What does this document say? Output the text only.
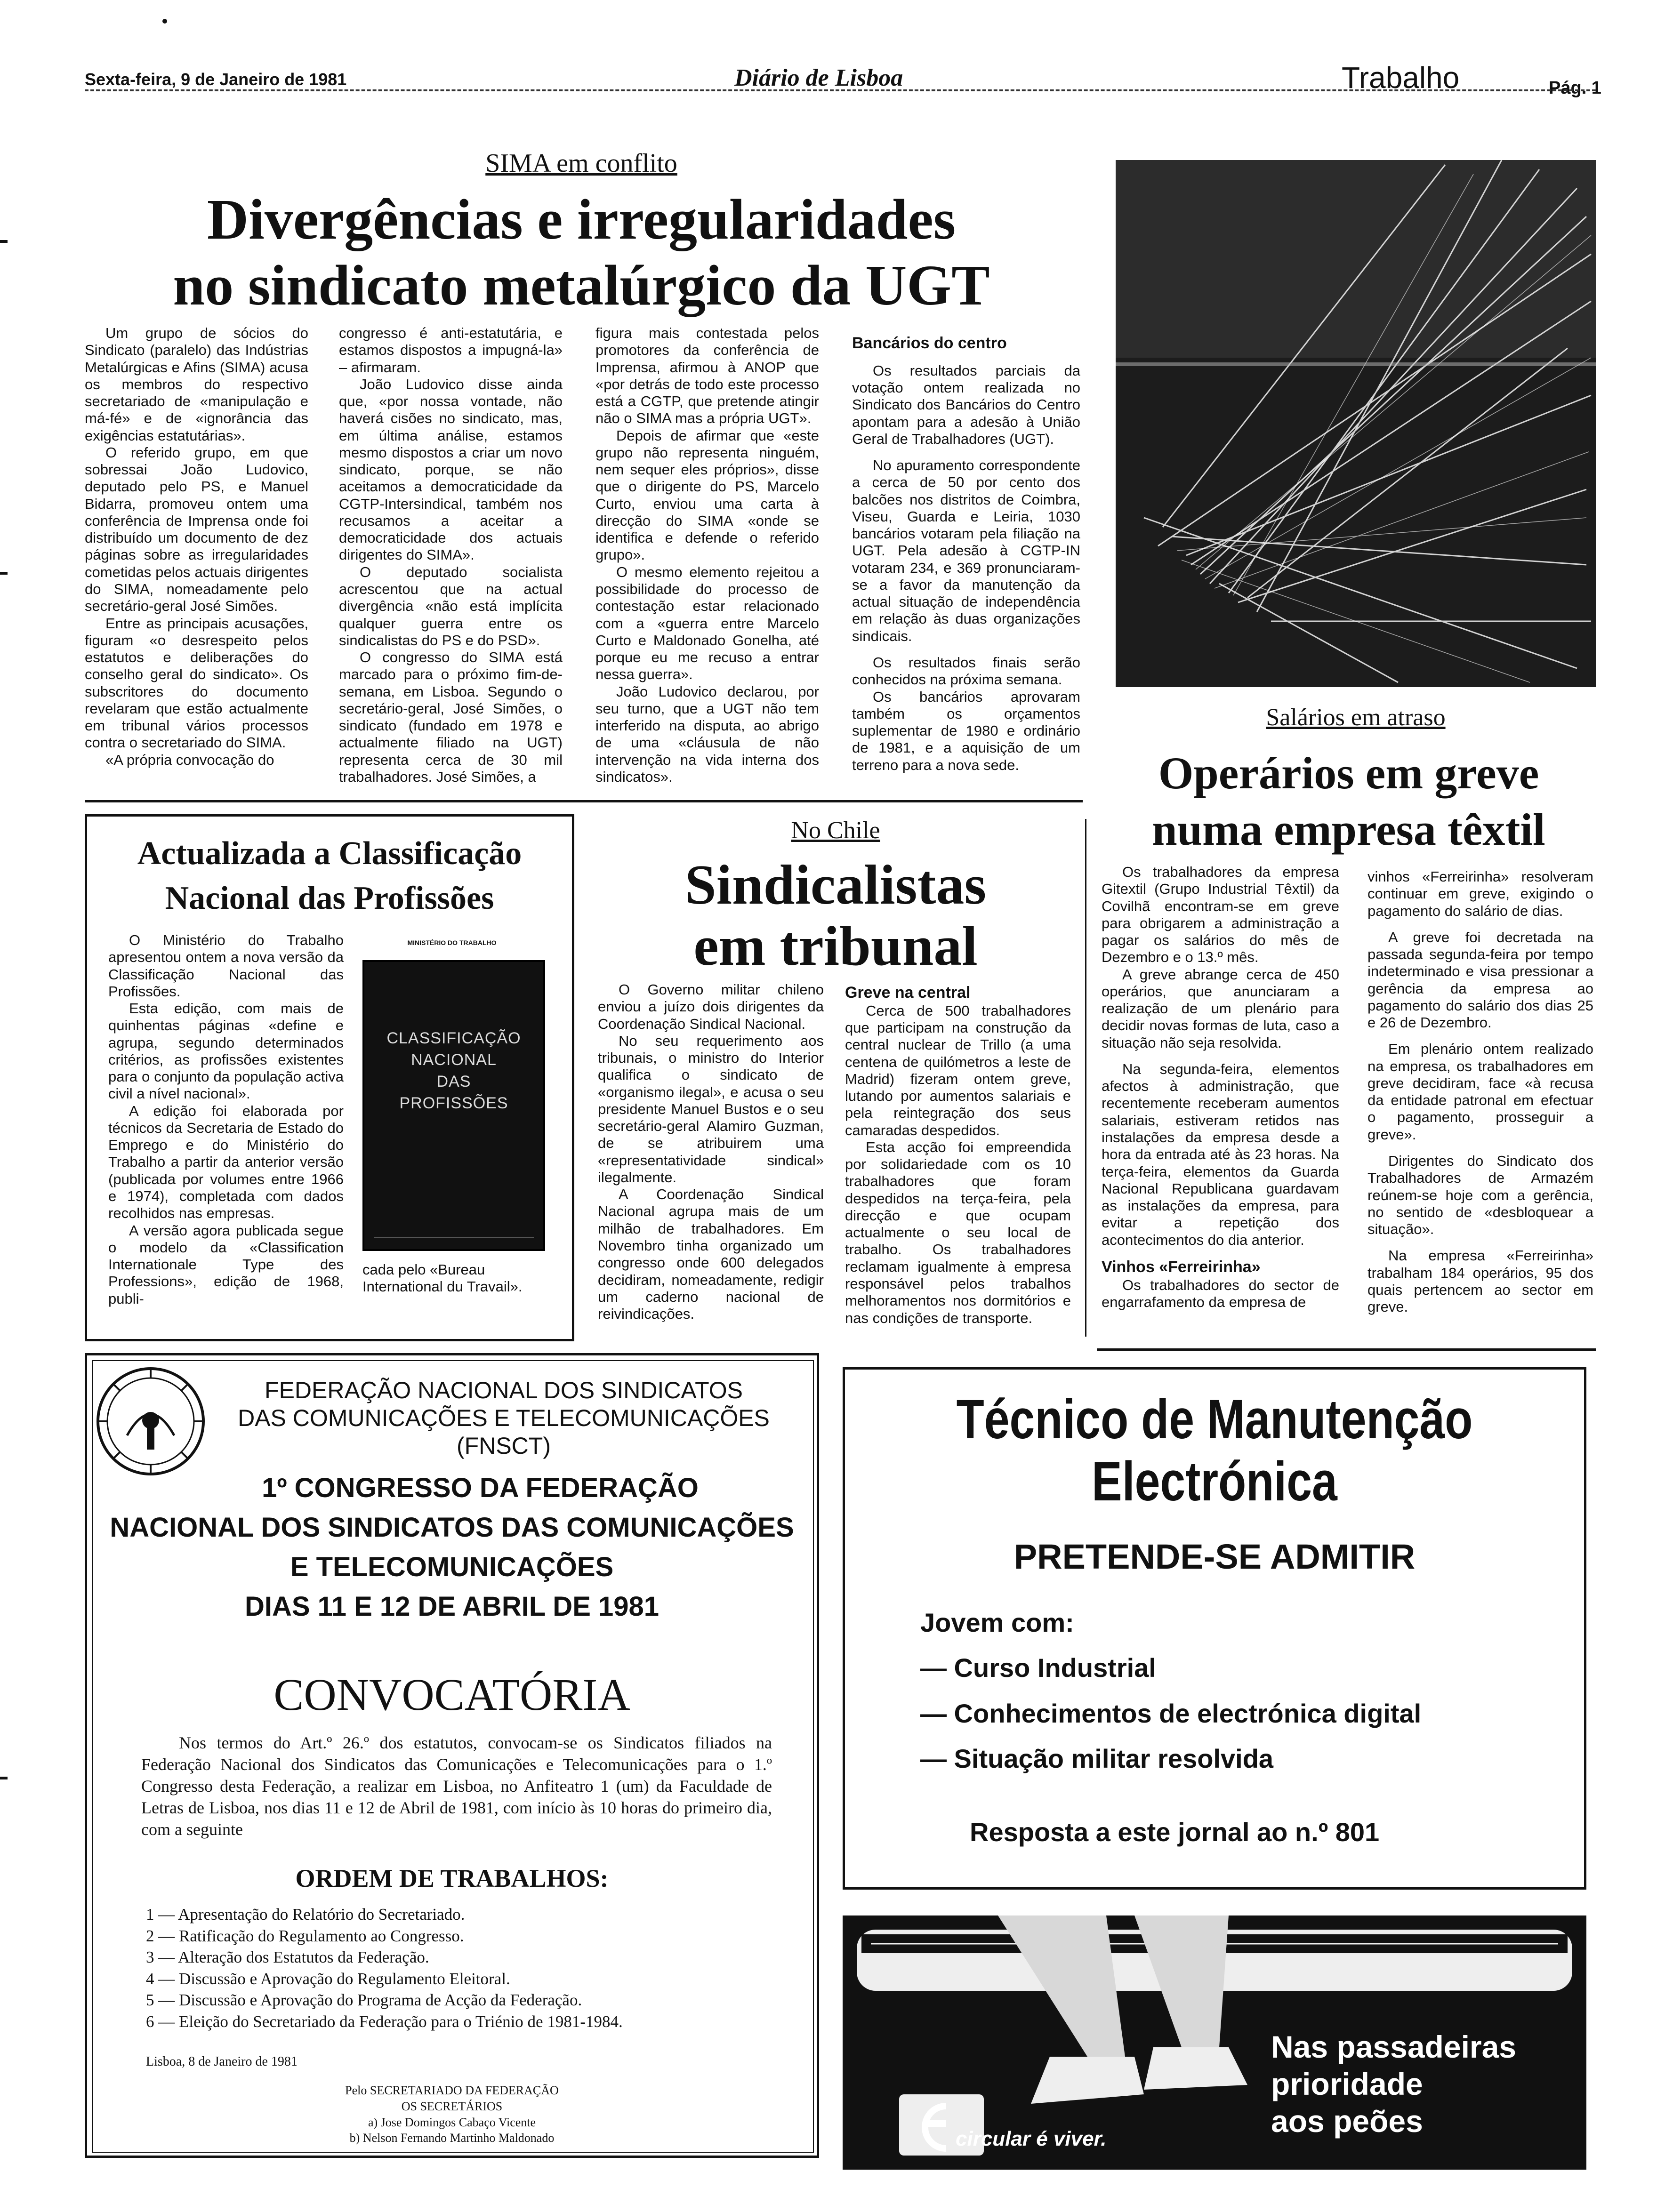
Sexta-feira, 9 de Janeiro de 1981	Diário de Lisboa	Trabalho	Pág. 1
SIMA em conflito
Divergências e irregularidades
no sindicato metalúrgico da UGT

Um grupo de sócios do Sindicato (paralelo) das Indústrias Metalúrgicas e Afins (SIMA) acusa os membros do respectivo secretariado de «manipulação e má-fé» e de «ignorância das exigências estatutárias».

O referido grupo, em que sobressai João Ludovico, deputado pelo PS, e Manuel Bidarra, promoveu ontem uma conferência de Imprensa onde foi distribuído um documento de dez páginas sobre as irregularidades cometidas pelos actuais dirigentes do SIMA, nomeadamente pelo secretário-geral José Simões.

Entre as principais acusações, figuram «o desrespeito pelos estatutos e deliberações do conselho geral do sindicato». Os subscritores do documento revelaram que estão actualmente em tribunal vários processos contra o secretariado do SIMA.

«A própria convocação do

congresso é anti-estatutária, e estamos dispostos a impugná-la» – afirmaram.

João Ludovico disse ainda que, «por nossa vontade, não haverá cisões no sindicato, mas, em última análise, estamos mesmo dispostos a criar um novo sindicato, porque, se não aceitamos a democraticidade da CGTP-Intersindical, também nos recusamos a aceitar a democraticidade dos actuais dirigentes do SIMA».

O deputado socialista acrescentou que na actual divergência «não está implícita qualquer guerra entre os sindicalistas do PS e do PSD».

O congresso do SIMA está marcado para o próximo fim-de-semana, em Lisboa. Segundo o secretário-geral, José Simões, o sindicato (fundado em 1978 e actualmente filiado na UGT) representa cerca de 30 mil trabalhadores. José Simões, a

figura mais contestada pelos promotores da conferência de Imprensa, afirmou à ANOP que «por detrás de todo este processo está a CGTP, que pretende atingir não o SIMA mas a própria UGT».

Depois de afirmar que «este grupo não representa ninguém, nem sequer eles próprios», disse que o dirigente do PS, Marcelo Curto, enviou uma carta à direcção do SIMA «onde se identifica e defende o referido grupo».

O mesmo elemento rejeitou a possibilidade do processo de contestação estar relacionado com a «guerra entre Marcelo Curto e Maldonado Gonelha, até porque eu me recuso a entrar nessa guerra».

João Ludovico declarou, por seu turno, que a UGT não tem interferido na disputa, ao abrigo de uma «cláusula de não intervenção na vida interna dos sindicatos».

Bancários do centro

Os resultados parciais da votação ontem realizada no Sindicato dos Bancários do Centro apontam para a adesão à União Geral de Trabalhadores (UGT).

No apuramento correspondente a cerca de 50 por cento dos balcões nos distritos de Coimbra, Viseu, Guarda e Leiria, 1030 bancários votaram pela filiação na UGT. Pela adesão à CGTP-IN votaram 234, e 369 pronunciaram-se a favor da manutenção da actual situação de independência em relação às duas organizações sindicais.

Os resultados finais serão conhecidos na próxima semana.

Os bancários aprovaram também os orçamentos suplementar de 1980 e ordinário de 1981, e a aquisição de um terreno para a nova sede.

Salários em atraso
Operários em greve
numa empresa têxtil

Os trabalhadores da empresa Gitextil (Grupo Industrial Têxtil) da Covilhã encontram-se em greve para obrigarem a administração a pagar os salários do mês de Dezembro e o 13.º mês.

A greve abrange cerca de 450 operários, que anunciaram a realização de um plenário para decidir novas formas de luta, caso a situação não seja resolvida.

Na segunda-feira, elementos afectos à administração, que recentemente receberam aumentos salariais, estiveram retidos nas instalações da empresa desde a hora da entrada até às 23 horas. Na terça-feira, elementos da Guarda Nacional Republicana guardavam as instalações da empresa, para evitar a repetição dos acontecimentos do dia anterior.

Vinhos «Ferreirinha»

Os trabalhadores do sector de engarrafamento da empresa de

vinhos «Ferreirinha» resolveram continuar em greve, exigindo o pagamento do salário de dias.

A greve foi decretada na passada segunda-feira por tempo indeterminado e visa pressionar a gerência da empresa ao pagamento do salário dos dias 25 e 26 de Dezembro.

Em plenário ontem realizado na empresa, os trabalhadores em greve decidiram, face «à recusa da entidade patronal em efectuar o pagamento, prosseguir a greve».

Dirigentes do Sindicato dos Trabalhadores de Armazém reúnem-se hoje com a gerência, no sentido de «desbloquear a situação».

Na empresa «Ferreirinha» trabalham 184 operários, 95 dos quais pertencem ao sector em greve.

Actualizada a Classificação
Nacional das Profissões

O Ministério do Trabalho apresentou ontem a nova versão da Classificação Nacional das Profissões.

Esta edição, com mais de quinhentas páginas «define e agrupa, segundo determinados critérios, as profissões existentes para o conjunto da população activa civil a nível nacional».

A edição foi elaborada por técnicos da Secretaria de Estado do Emprego e do Ministério do Trabalho a partir da anterior versão (publicada por volumes entre 1966 e 1974), completada com dados recolhidos nas empresas.

A versão agora publicada segue o modelo da «Classification Internationale Type des Professions», edição de 1968, publi-

MINISTÉRIO DO TRABALHO
CLASSIFICAÇÃO
NACIONAL
DAS
PROFISSÕES

cada pelo «Bureau International du Travail».

No Chile
Sindicalistas
em tribunal

O Governo militar chileno enviou a juízo dois dirigentes da Coordenação Sindical Nacional.

No seu requerimento aos tribunais, o ministro do Interior qualifica o sindicato de «organismo ilegal», e acusa o seu presidente Manuel Bustos e o seu secretário-geral Alamiro Guzman, de se atribuirem uma «representatividade sindical» ilegalmente.

A Coordenação Sindical Nacional agrupa mais de um milhão de trabalhadores. Em Novembro tinha organizado um congresso onde 600 delegados decidiram, nomeadamente, redigir um caderno nacional de reivindicações.

Greve na central

Cerca de 500 trabalhadores que participam na construção da central nuclear de Trillo (a uma centena de quilómetros a leste de Madrid) fizeram ontem greve, lutando por aumentos salariais e pela reintegração dos seus camaradas despedidos.

Esta acção foi empreendida por solidariedade com os 10 trabalhadores que foram despedidos na terça-feira, pela direcção e que ocupam actualmente o seu local de trabalho. Os trabalhadores reclamam igualmente à empresa responsável pelos trabalhos melhoramentos nos dormitórios e nas condições de transporte.

FEDERAÇÃO NACIONAL DOS SINDICATOS
DAS COMUNICAÇÕES E TELECOMUNICAÇÕES
(FNSCT)
1º CONGRESSO DA FEDERAÇÃO
NACIONAL DOS SINDICATOS DAS COMUNICAÇÕES
E TELECOMUNICAÇÕES
DIAS 11 E 12 DE ABRIL DE 1981
CONVOCATÓRIA
Nos termos do Art.º 26.º dos estatutos, convocam-se os Sindicatos filiados na Federação Nacional dos Sindicatos das Comunicações e Telecomunicações para o 1.º Congresso desta Federação, a realizar em Lisboa, no Anfiteatro 1 (um) da Faculdade de Letras de Lisboa, nos dias 11 e 12 de Abril de 1981, com início às 10 horas do primeiro dia, com a seguinte
ORDEM DE TRABALHOS:
1 — Apresentação do Relatório do Secretariado.
2 — Ratificação do Regulamento ao Congresso.
3 — Alteração dos Estatutos da Federação.
4 — Discussão e Aprovação do Regulamento Eleitoral.
5 — Discussão e Aprovação do Programa de Acção da Federação.
6 — Eleição do Secretariado da Federação para o Triénio de 1981-1984.
Lisboa, 8 de Janeiro de 1981
Pelo SECRETARIADO DA FEDERAÇÃO
OS SECRETÁRIOS
a) Jose Domingos Cabaço Vicente
b) Nelson Fernando Martinho Maldonado
Técnico de Manutenção
Electrónica
PRETENDE-SE ADMITIR
Jovem com:
— Curso Industrial
— Conhecimentos de electrónica digital
— Situação militar resolvida
Resposta a este jornal ao n.º 801
Nas passadeiras
prioridade
aos peões
circular é viver.
